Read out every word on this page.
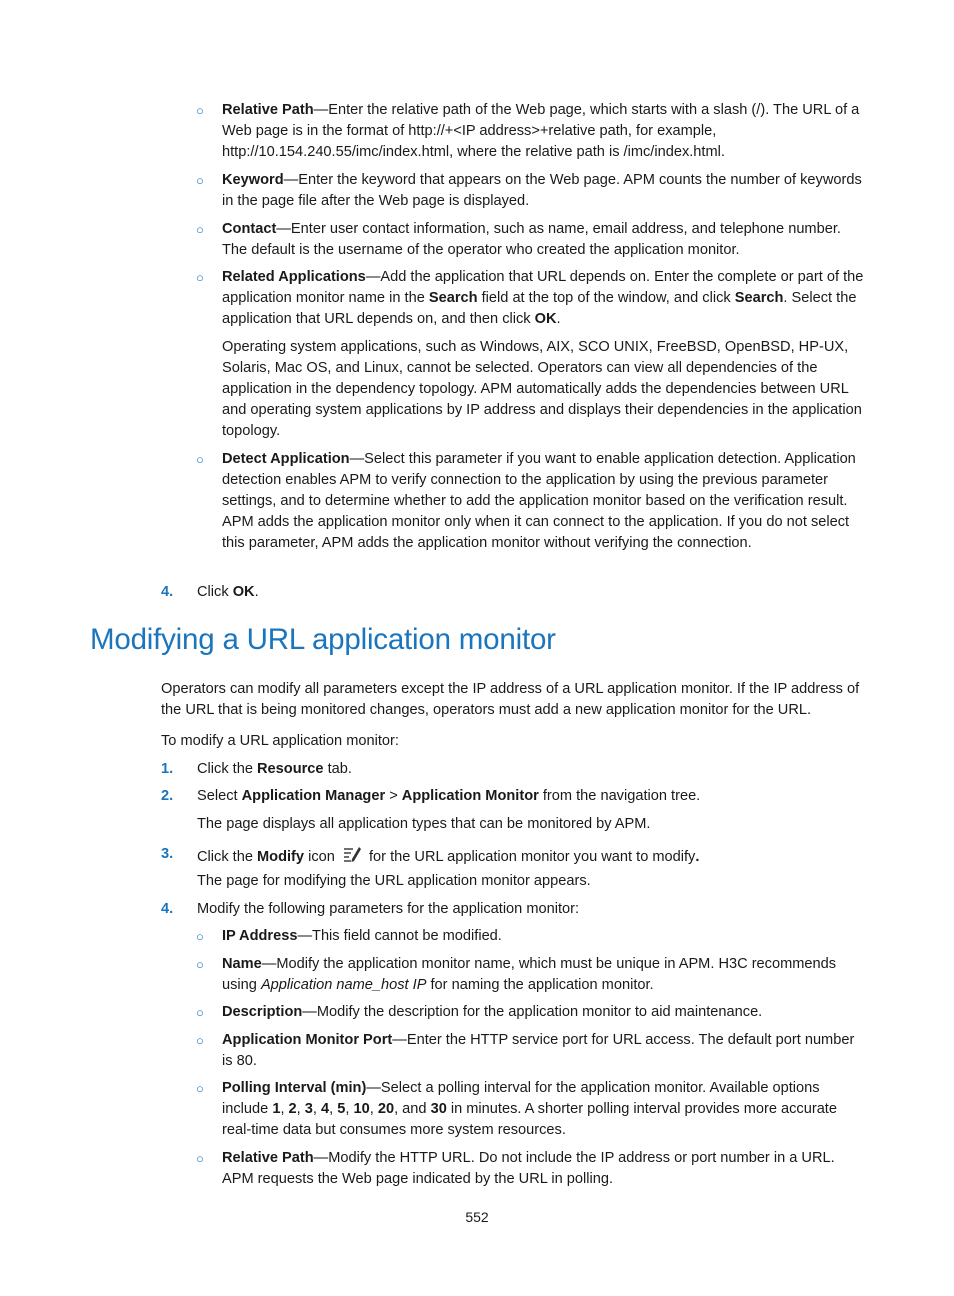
○ Relative Path—Enter the relative path of the Web page, which starts with a slash (/). The URL of a Web page is in the format of http://+<IP address>+relative path, for example, http://10.154.240.55/imc/index.html, where the relative path is /imc/index.html.

○ Keyword—Enter the keyword that appears on the Web page. APM counts the number of keywords in the page file after the Web page is displayed.

○ Contact—Enter user contact information, such as name, email address, and telephone number. The default is the username of the operator who created the application monitor.

○ Related Applications—Add the application that URL depends on. Enter the complete or part of the application monitor name in the Search field at the top of the window, and click Search. Select the application that URL depends on, and then click OK.

Operating system applications, such as Windows, AIX, SCO UNIX, FreeBSD, OpenBSD, HP-UX, Solaris, Mac OS, and Linux, cannot be selected. Operators can view all dependencies of the application in the dependency topology. APM automatically adds the dependencies between URL and operating system applications by IP address and displays their dependencies in the application topology.

○ Detect Application—Select this parameter if you want to enable application detection. Application detection enables APM to verify connection to the application by using the previous parameter settings, and to determine whether to add the application monitor based on the verification result. APM adds the application monitor only when it can connect to the application. If you do not select this parameter, APM adds the application monitor without verifying the connection.

4. Click OK.

Modifying a URL application monitor

Operators can modify all parameters except the IP address of a URL application monitor. If the IP address of the URL that is being monitored changes, operators must add a new application monitor for the URL.

To modify a URL application monitor:

1. Click the Resource tab.

2. Select Application Manager > Application Monitor from the navigation tree.

The page displays all application types that can be monitored by APM.

3. Click the Modify icon  for the URL application monitor you want to modify.

The page for modifying the URL application monitor appears.

4. Modify the following parameters for the application monitor:

○ IP Address—This field cannot be modified.

○ Name—Modify the application monitor name, which must be unique in APM. H3C recommends using Application name_host IP for naming the application monitor.

○ Description—Modify the description for the application monitor to aid maintenance.

○ Application Monitor Port—Enter the HTTP service port for URL access. The default port number is 80.

○ Polling Interval (min)—Select a polling interval for the application monitor. Available options include 1, 2, 3, 4, 5, 10, 20, and 30 in minutes. A shorter polling interval provides more accurate real-time data but consumes more system resources.

○ Relative Path—Modify the HTTP URL. Do not include the IP address or port number in a URL. APM requests the Web page indicated by the URL in polling.

552
